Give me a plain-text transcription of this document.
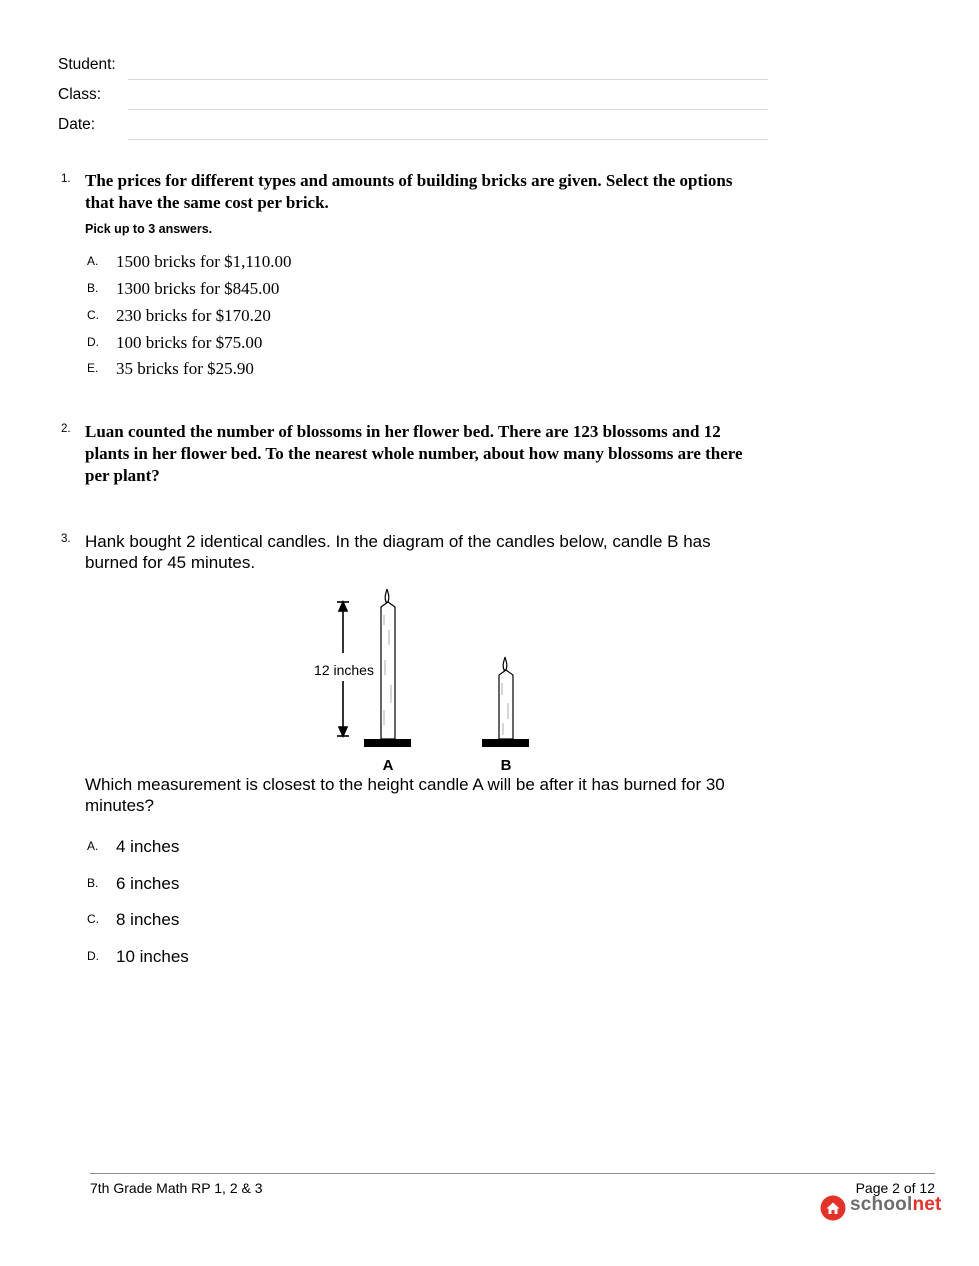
Student:
Class:
Date:
1. The prices for different types and amounts of building bricks are given. Select the options
that have the same cost per brick.
Pick up to 3 answers.
A. 1500 bricks for $1,110.00
B. 1300 bricks for $845.00
C. 230 bricks for $170.20
D. 100 bricks for $75.00
E. 35 bricks for $25.90
2. Luan counted the number of blossoms in her flower bed. There are 123 blossoms and 12
plants in her flower bed. To the nearest whole number, about how many blossoms are there
per plant?
3. Hank bought 2 identical candles. In the diagram of the candles below, candle B has
burned for 45 minutes.
12 inches
A	B
Which measurement is closest to the height candle A will be after it has burned for 30
minutes?
A. 4 inches
B. 6 inches
C. 8 inches
D. 10 inches
7th Grade Math RP 1, 2 & 3	Page 2 of 12
schoolnet
